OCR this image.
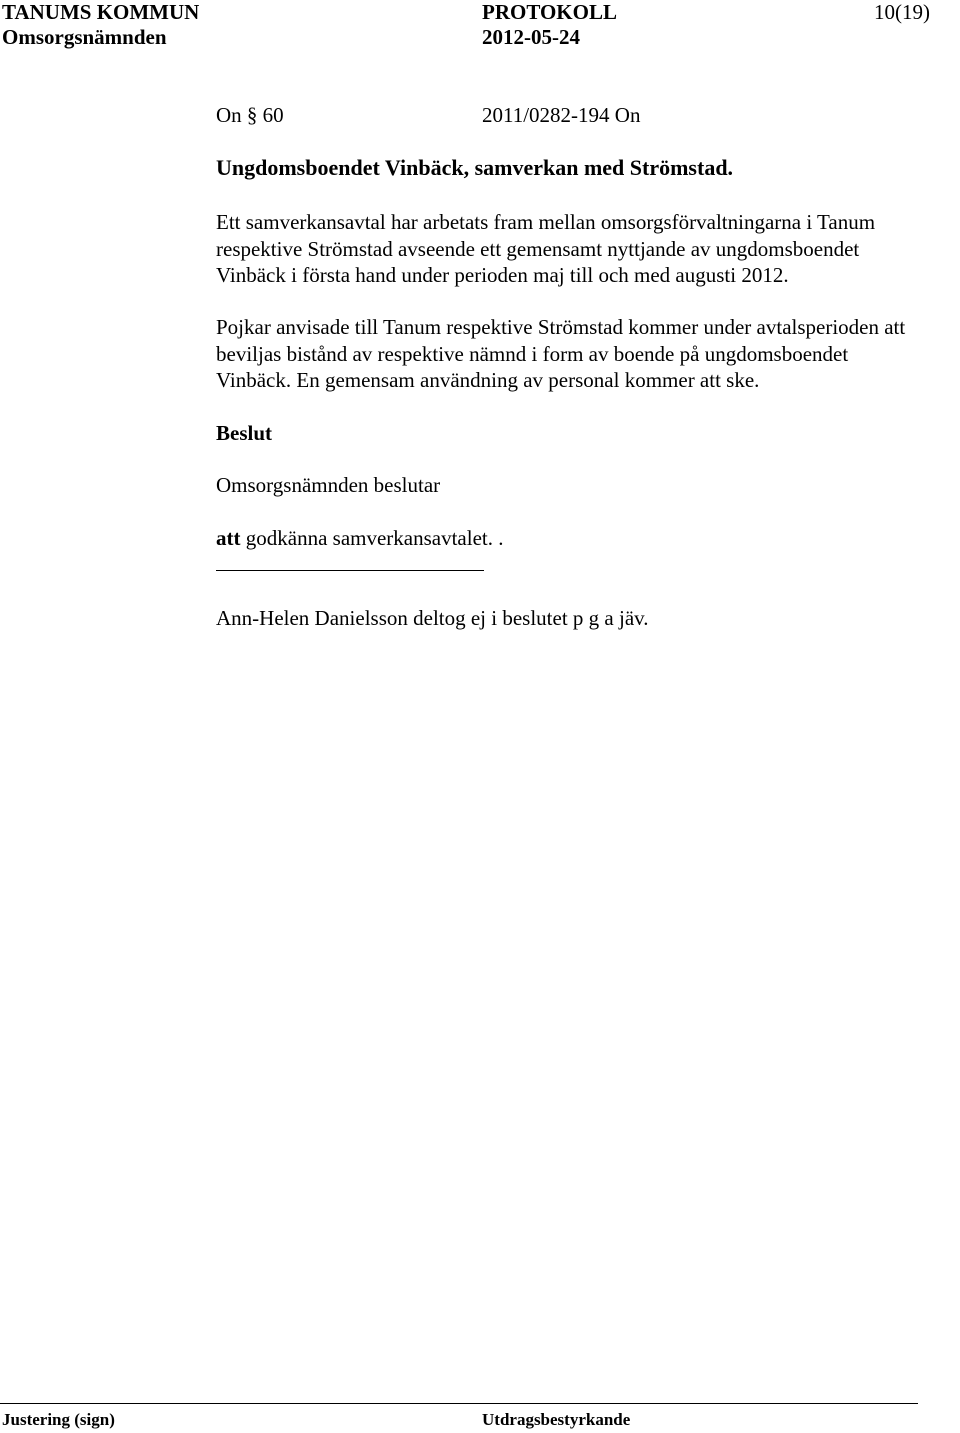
TANUMS KOMMUN	PROTOKOLL	10(19)
Omsorgsnämnden	2012-05-24
On § 60	2011/0282-194 On
Ungdomsboendet Vinbäck, samverkan med Strömstad.
Ett samverkansavtal har arbetats fram mellan omsorgsförvaltningarna i Tanum
respektive Strömstad avseende ett gemensamt nyttjande av ungdomsboendet
Vinbäck i första hand under perioden maj till och med augusti 2012.
Pojkar anvisade till Tanum respektive Strömstad kommer under avtalsperioden att
beviljas bistånd av respektive nämnd i form av boende på ungdomsboendet
Vinbäck. En gemensam användning av personal kommer att ske.
Beslut
Omsorgsnämnden beslutar
att godkänna samverkansavtalet. .
Ann-Helen Danielsson deltog ej i beslutet p g a jäv.
Justering (sign)	Utdragsbestyrkande
